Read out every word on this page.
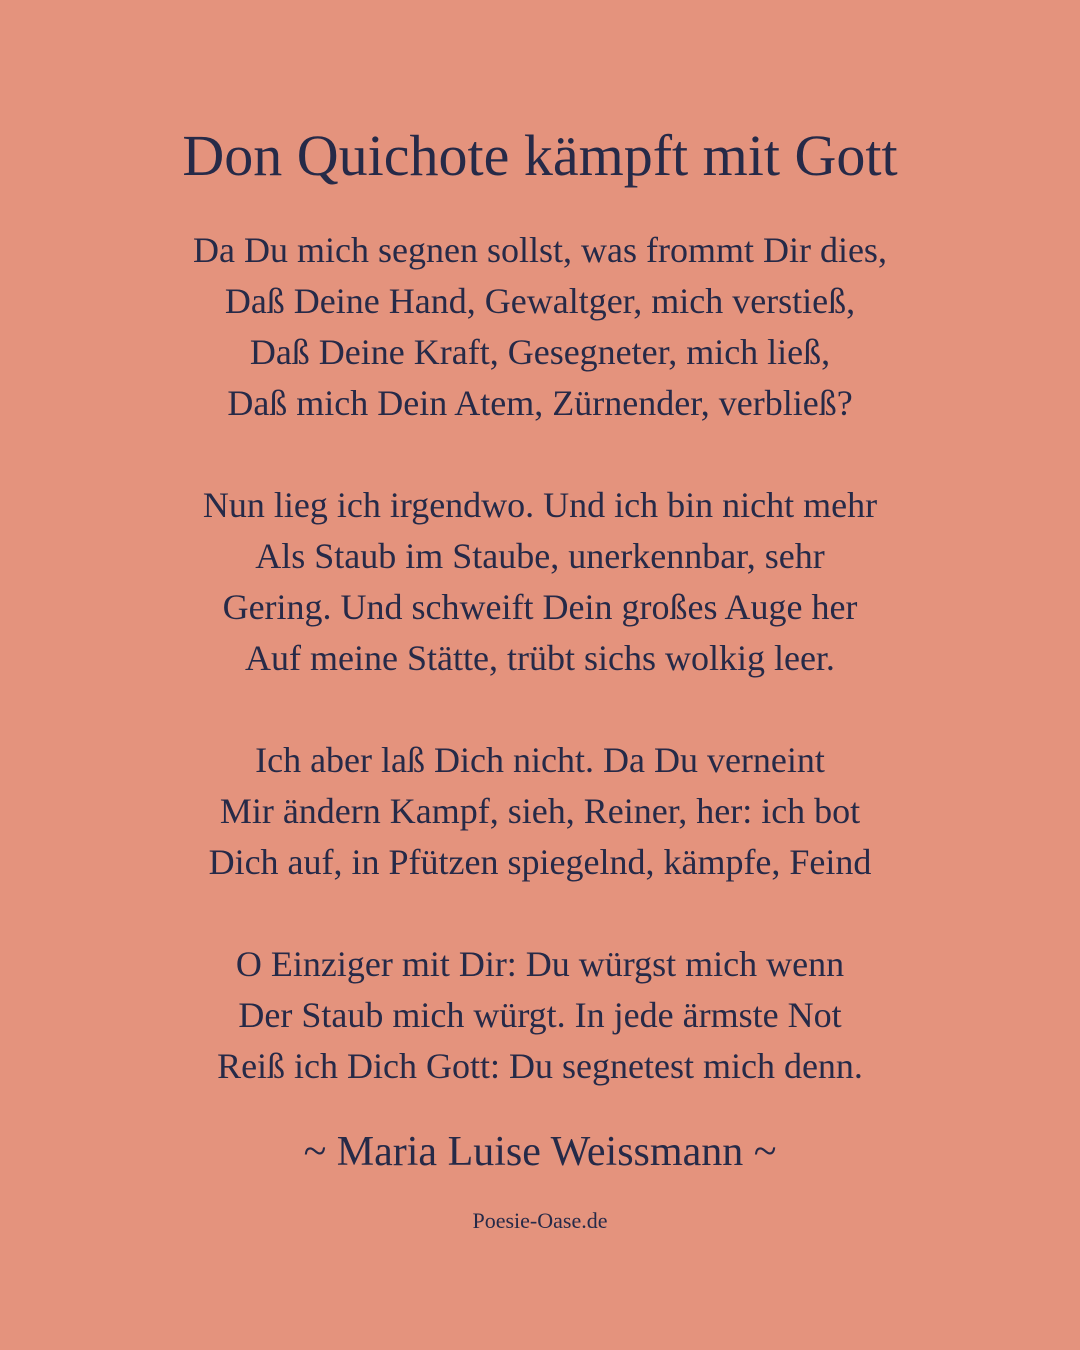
Don Quichote kämpft mit Gott
Da Du mich segnen sollst, was frommt Dir dies,
Daß Deine Hand, Gewaltger, mich verstieß,
Daß Deine Kraft, Gesegneter, mich ließ,
Daß mich Dein Atem, Zürnender, verbließ?
Nun lieg ich irgendwo. Und ich bin nicht mehr
Als Staub im Staube, unerkennbar, sehr
Gering. Und schweift Dein großes Auge her
Auf meine Stätte, trübt sichs wolkig leer.
Ich aber laß Dich nicht. Da Du verneint
Mir ändern Kampf, sieh, Reiner, her: ich bot
Dich auf, in Pfützen spiegelnd, kämpfe, Feind
O Einziger mit Dir: Du würgst mich wenn
Der Staub mich würgt. In jede ärmste Not
Reiß ich Dich Gott: Du segnetest mich denn.

~ Maria Luise Weissmann ~

Poesie-Oase.de
